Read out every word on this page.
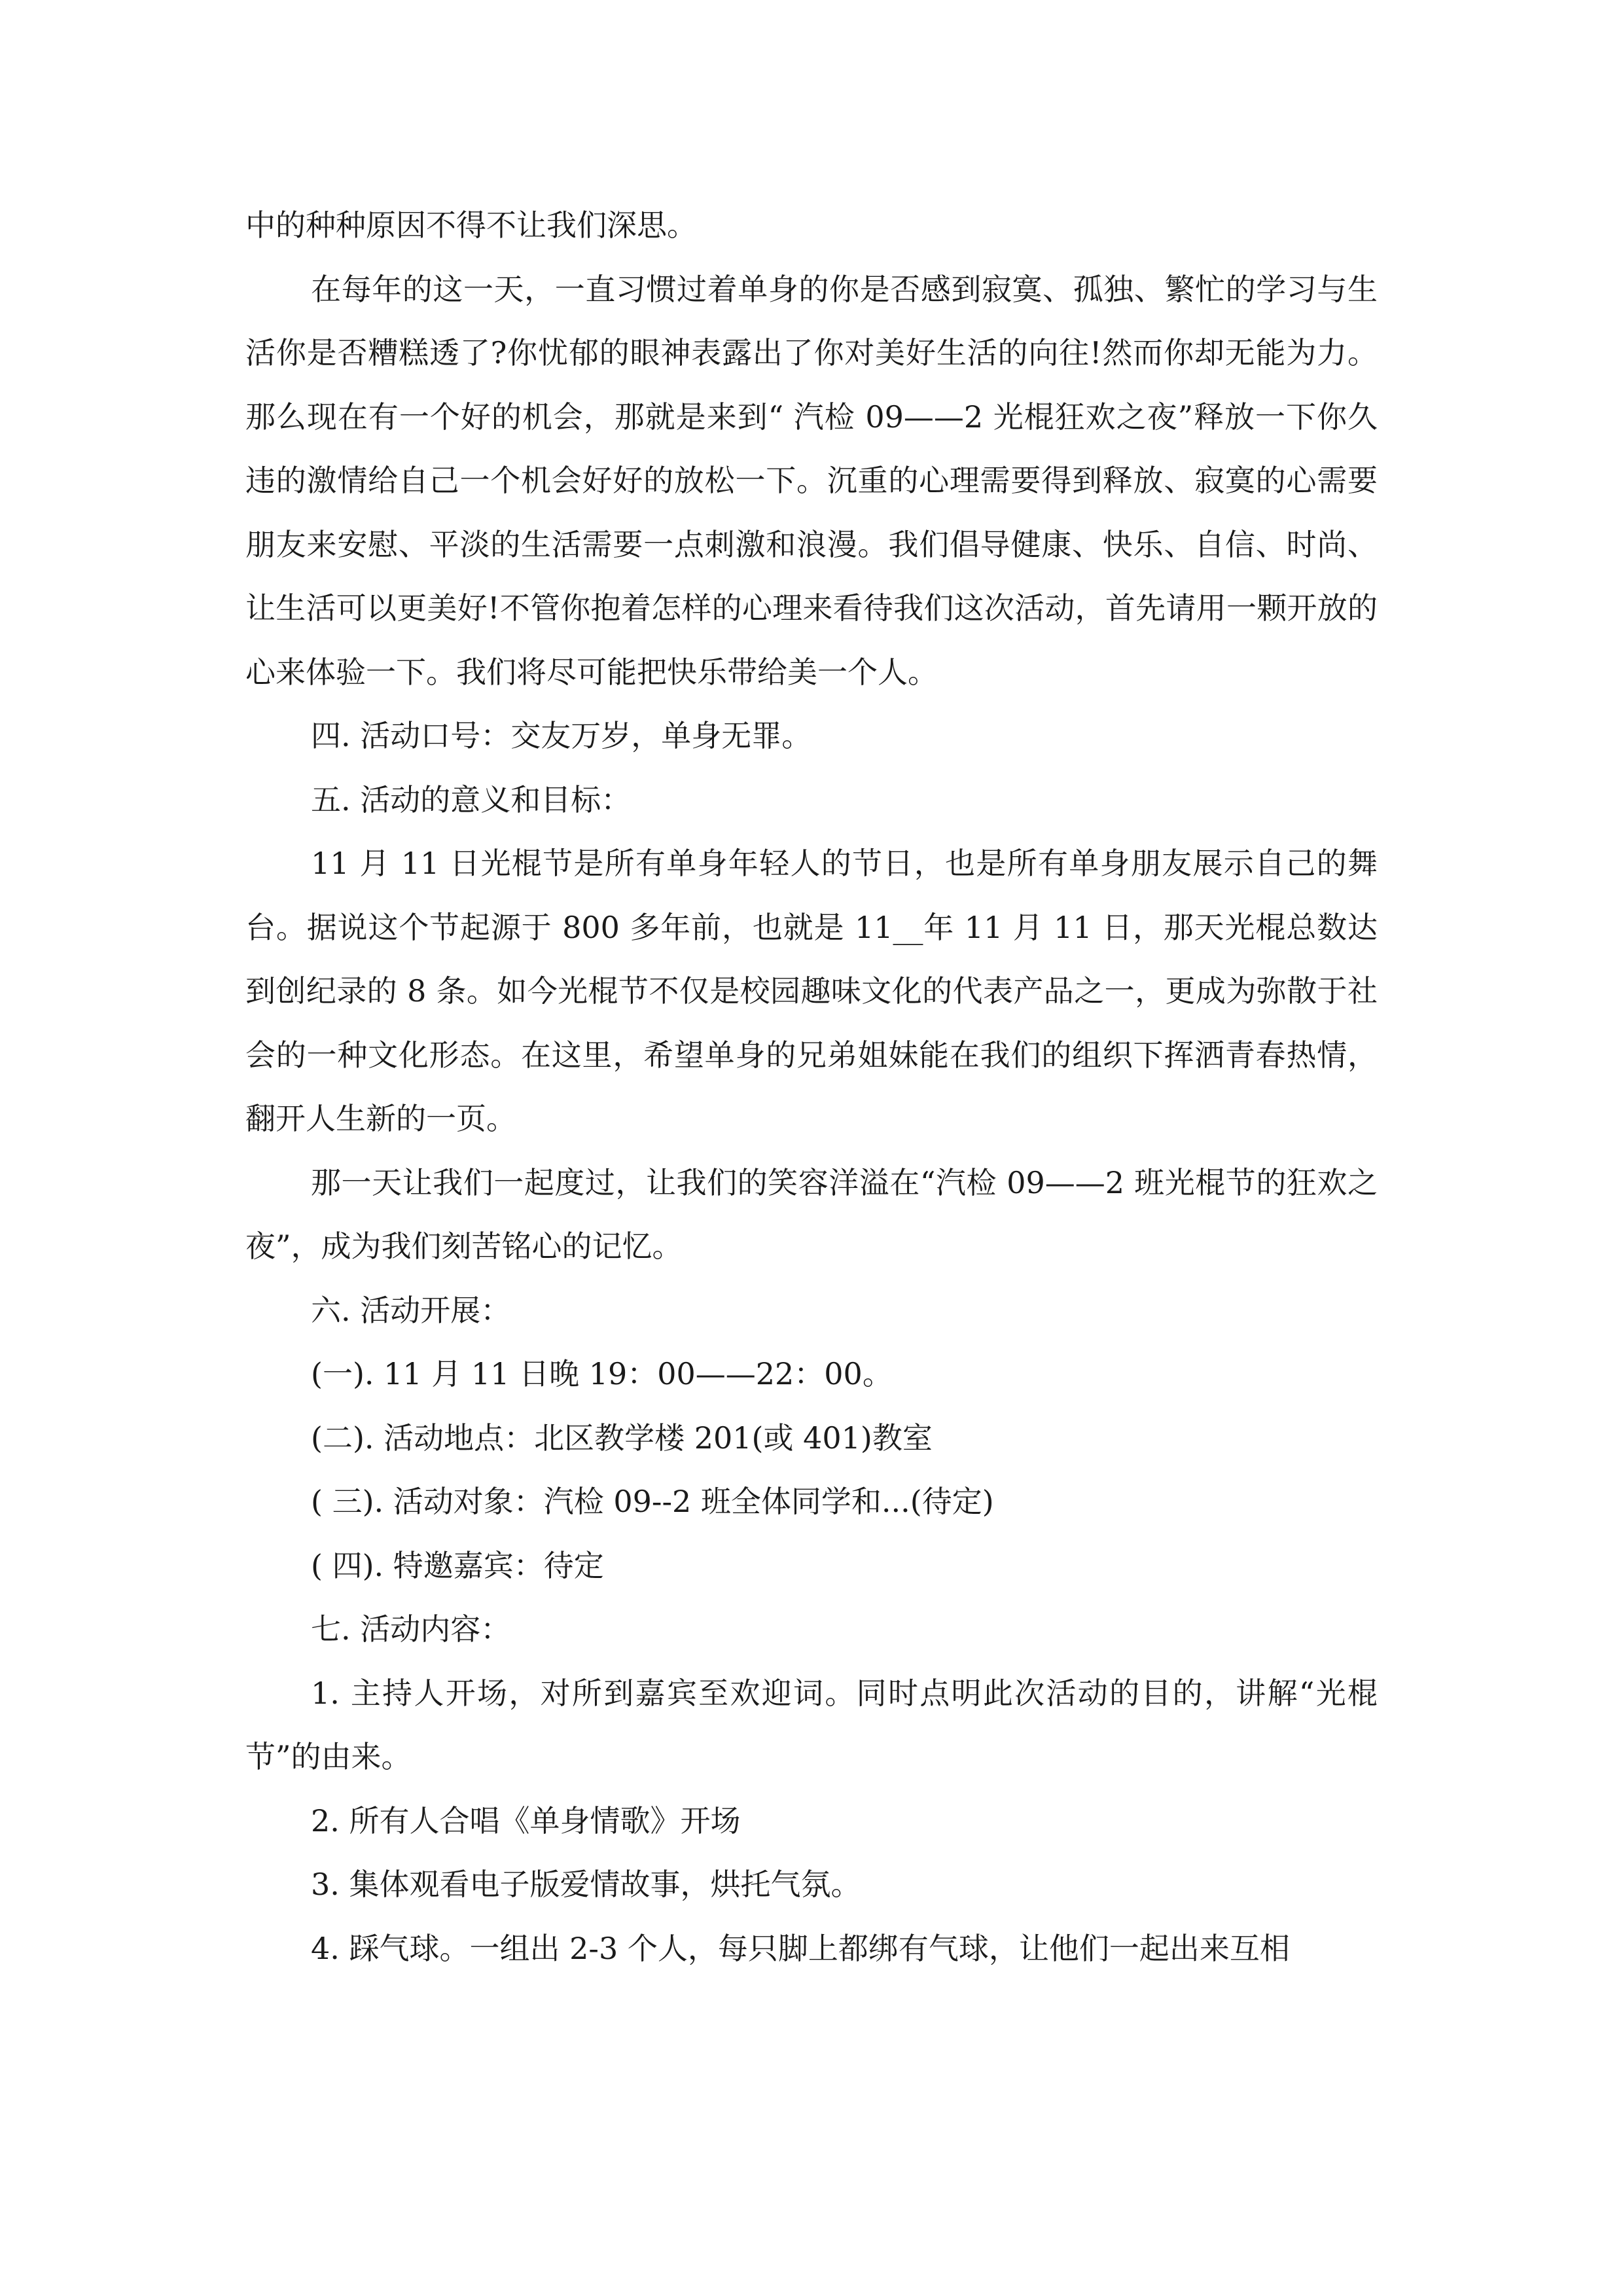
中的种种原因不得不让我们深思。

在每年的这一天，一直习惯过着单身的你是否感到寂寞、孤独、繁忙的学习与生活你是否糟糕透了?你忧郁的眼神表露出了你对美好生活的向往!然而你却无能为力。那么现在有一个好的机会，那就是来到“ 汽检 09——2 光棍狂欢之夜”释放一下你久违的激情给自己一个机会好好的放松一下。沉重的心理需要得到释放、寂寞的心需要朋友来安慰、平淡的生活需要一点刺激和浪漫。我们倡导健康、快乐、自信、时尚、让生活可以更美好!不管你抱着怎样的心理来看待我们这次活动，首先请用一颗开放的心来体验一下。我们将尽可能把快乐带给美一个人。

四. 活动口号：交友万岁，单身无罪。

五. 活动的意义和目标：

11 月 11 日光棍节是所有单身年轻人的节日，也是所有单身朋友展示自己的舞台。据说这个节起源于 800 多年前，也就是 11__年 11 月 11 日，那天光棍总数达到创纪录的 8 条。如今光棍节不仅是校园趣味文化的代表产品之一，更成为弥散于社会的一种文化形态。在这里，希望单身的兄弟姐妹能在我们的组织下挥洒青春热情，翻开人生新的一页。

那一天让我们一起度过，让我们的笑容洋溢在“汽检 09——2 班光棍节的狂欢之夜”，成为我们刻苦铭心的记忆。

六. 活动开展：

(一). 11 月 11 日晚 19：00——22：00。

(二). 活动地点：北区教学楼 201(或 401)教室

( 三). 活动对象：汽检 09--2 班全体同学和...(待定)

( 四). 特邀嘉宾：待定

七. 活动内容：

1. 主持人开场，对所到嘉宾至欢迎词。同时点明此次活动的目的，讲解“光棍节”的由来。

2. 所有人合唱《单身情歌》开场

3. 集体观看电子版爱情故事，烘托气氛。

4. 踩气球。一组出 2-3 个人，每只脚上都绑有气球，让他们一起出来互相
